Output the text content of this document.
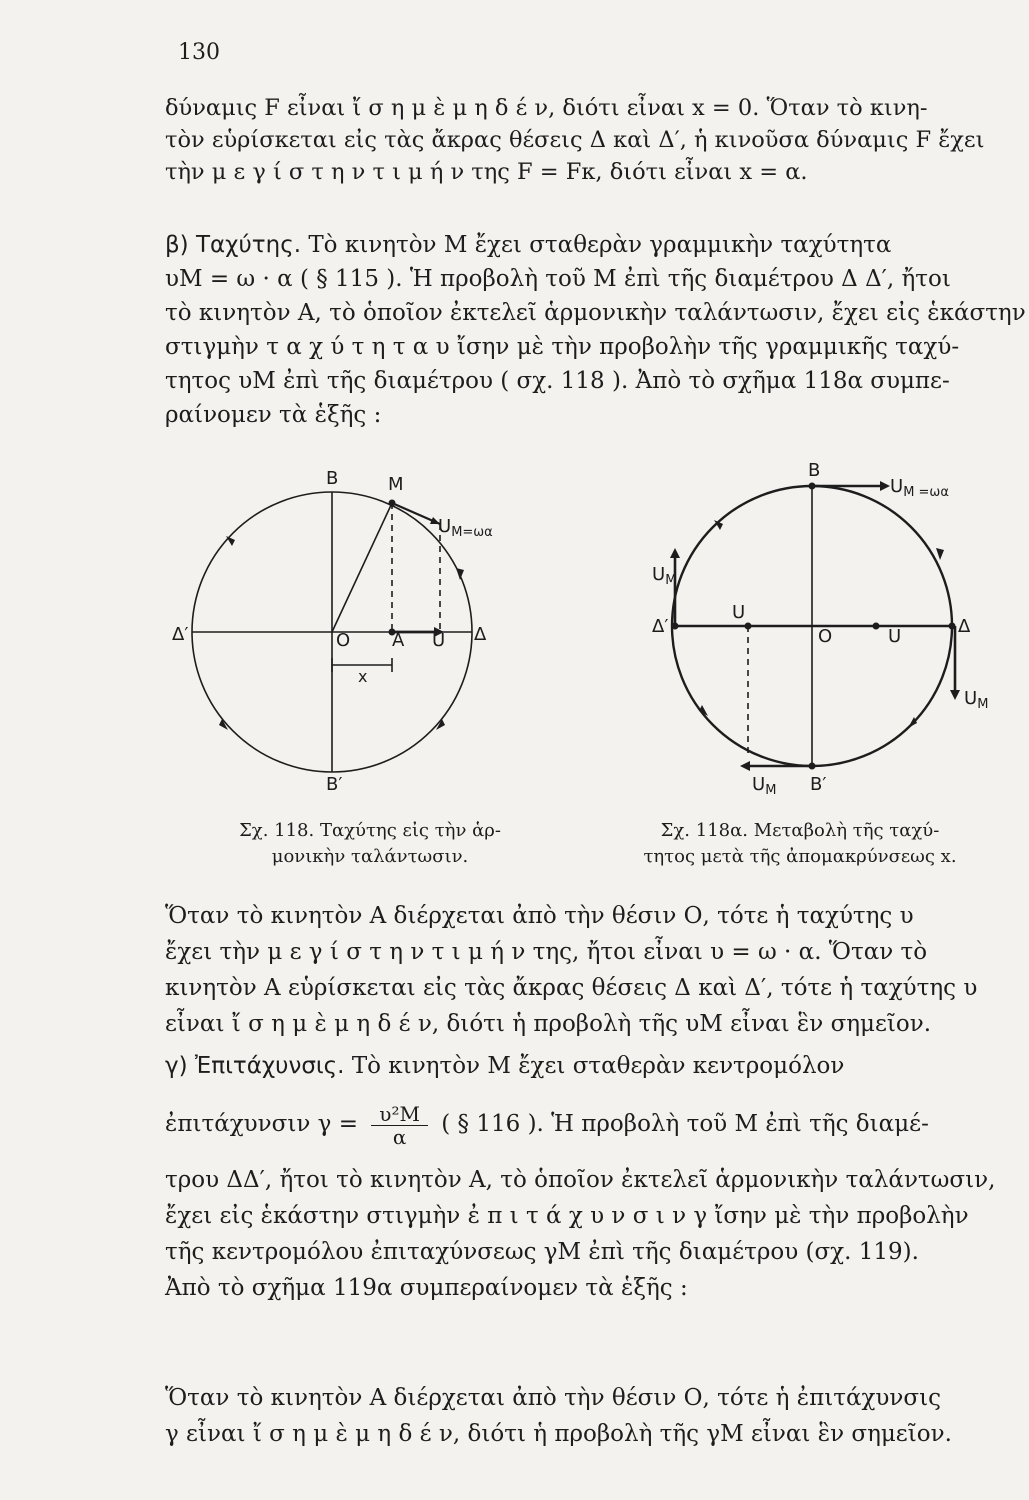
130
δύναμις F εἶναι ἴ σ η μ ὲ μ η δ έ ν, διότι εἶναι x = 0. Ὅταν τὸ κινη-
τὸν εὑρίσκεται εἰς τὰς ἄκρας θέσεις Δ καὶ Δ′, ἡ κινοῦσα δύναμις F ἔχει
τὴν μ ε γ ί σ τ η ν τ ι μ ή ν της F = Fκ, διότι εἶναι x = α.
β) Ταχύτης. Τὸ κινητὸν Μ ἔχει σταθερὰν γραμμικὴν ταχύτητα
υΜ = ω · α ( § 115 ). Ἡ προβολὴ τοῦ Μ ἐπὶ τῆς διαμέτρου Δ Δ′, ἤτοι
τὸ κινητὸν Α, τὸ ὁποῖον ἐκτελεῖ ἁρμονικὴν ταλάντωσιν, ἔχει εἰς ἑκάστην
στιγμὴν τ α χ ύ τ η τ α υ ἴσην μὲ τὴν προβολὴν τῆς γραμμικῆς ταχύ-
τητος υΜ ἐπὶ τῆς διαμέτρου ( σχ. 118 ). Ἀπὸ τὸ σχῆμα 118α συμπε-
ραίνομεν τὰ ἑξῆς :
B	M
$U_{M=\omega\alpha}$
Δ′	O A U Δ
x
B′
B
$U_{M =\omega\alpha}$
$U_M$
Δ′
U
O	U	Δ
$U_M$
$U_M$ B′
Σχ. 118. Ταχύτης εἰς τὴν ἁρ-
μονικὴν ταλάντωσιν.
Σχ. 118α. Μεταβολὴ τῆς ταχύ-
τητος μετὰ τῆς ἀπομακρύνσεως x.
Ὅταν τὸ κινητὸν Α διέρχεται ἀπὸ τὴν θέσιν Ο, τότε ἡ ταχύτης υ
ἔχει τὴν μ ε γ ί σ τ η ν τ ι μ ή ν της, ἤτοι εἶναι υ = ω · α. Ὅταν τὸ
κινητὸν Α εὑρίσκεται εἰς τὰς ἄκρας θέσεις Δ καὶ Δ′, τότε ἡ ταχύτης υ
εἶναι ἴ σ η μ ὲ μ η δ έ ν, διότι ἡ προβολὴ τῆς υΜ εἶναι ἓν σημεῖον.
γ) Ἐπιτάχυνσις. Τὸ κινητὸν Μ ἔχει σταθερὰν κεντρομόλον
ἐπιτάχυνσιν $\gamma = \frac{\text{υ²Μ}}{\alpha}$ ( § 116 ). Ἡ προβολὴ τοῦ Μ ἐπὶ τῆς διαμέ-
τρου ΔΔ′, ἤτοι τὸ κινητὸν Α, τὸ ὁποῖον ἐκτελεῖ ἁρμονικὴν ταλάντωσιν,
ἔχει εἰς ἑκάστην στιγμὴν ἐ π ι τ ά χ υ ν σ ι ν γ ἴσην μὲ τὴν προβολὴν
τῆς κεντρομόλου ἐπιταχύνσεως γΜ ἐπὶ τῆς διαμέτρου (σχ. 119).
Ἀπὸ τὸ σχῆμα 119α συμπεραίνομεν τὰ ἑξῆς :
Ὅταν τὸ κινητὸν Α διέρχεται ἀπὸ τὴν θέσιν Ο, τότε ἡ ἐπιτάχυνσις
γ εἶναι ἴ σ η μ ὲ μ η δ έ ν, διότι ἡ προβολὴ τῆς γΜ εἶναι ἓν σημεῖον.
